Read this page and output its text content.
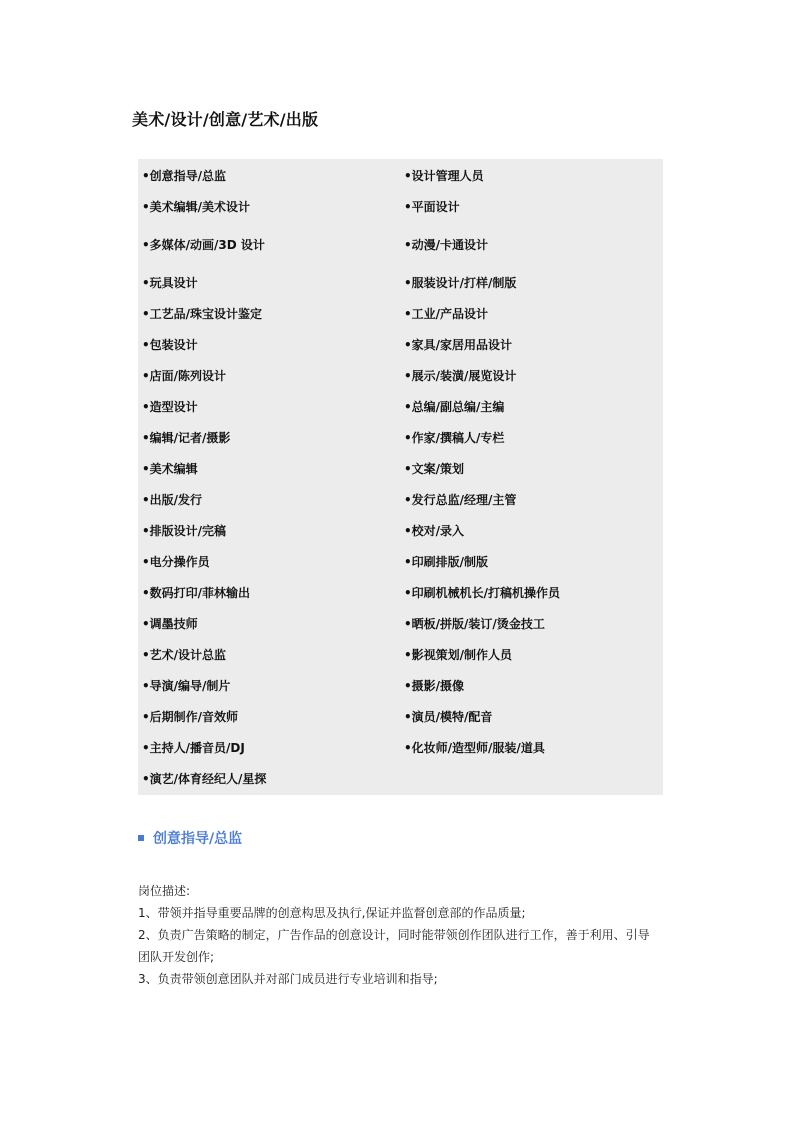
美术/设计/创意/艺术/出版
•创意指导/总监
•美术编辑/美术设计
•多媒体/动画/3D 设计
•玩具设计
•工艺品/珠宝设计鉴定
•包装设计
•店面/陈列设计
•造型设计
•编辑/记者/摄影
•美术编辑
•出版/发行
•排版设计/完稿
•电分操作员
•数码打印/菲林输出
•调墨技师
•艺术/设计总监
•导演/编导/制片
•后期制作/音效师
•主持人/播音员/DJ
•演艺/体育经纪人/星探
•设计管理人员
•平面设计
•动漫/卡通设计
•服装设计/打样/制版
•工业/产品设计
•家具/家居用品设计
•展示/装潢/展览设计
•总编/副总编/主编
•作家/撰稿人/专栏
•文案/策划
•发行总监/经理/主管
•校对/录入
•印刷排版/制版
•印刷机械机长/打稿机操作员
•晒板/拼版/装订/烫金技工
•影视策划/制作人员
•摄影/摄像
•演员/模特/配音
•化妆师/造型师/服装/道具
创意指导/总监
岗位描述:
1、带领并指导重要品牌的创意构思及执行,保证并监督创意部的作品质量;
2、负责广告策略的制定，广告作品的创意设计，同时能带领创作团队进行工作，善于利用、引导
团队开发创作;
3、负责带领创意团队并对部门成员进行专业培训和指导;
